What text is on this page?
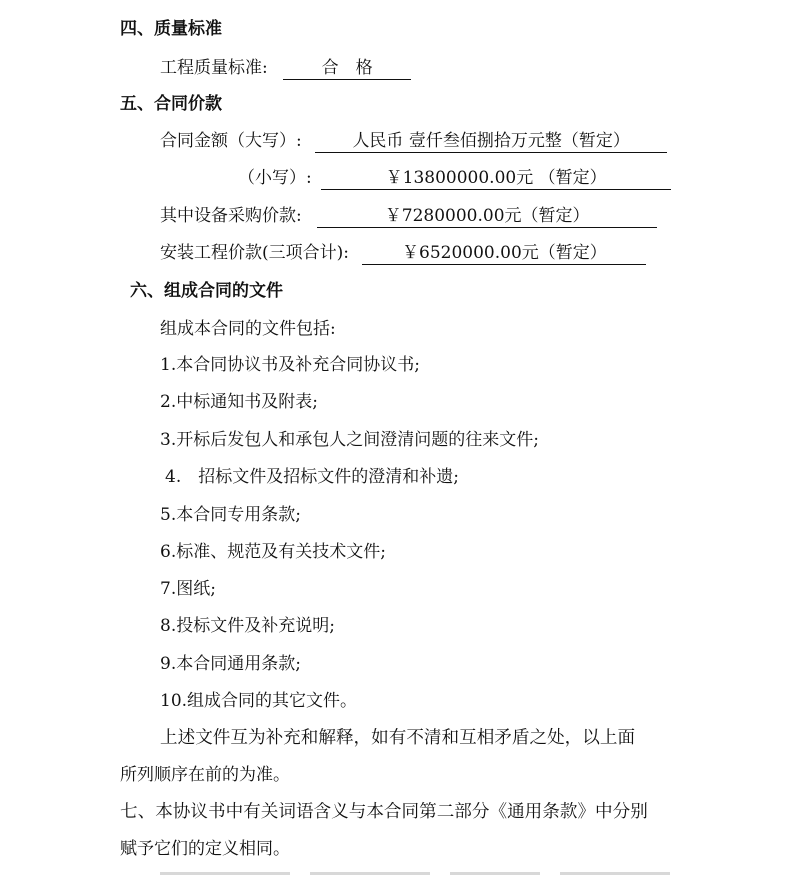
四、质量标准
工程质量标准:	合　格
五、合同价款
合同金额（大写）:	人民币 壹仟叁佰捌拾万元整（暂定）
（小写）:	￥13800000.00元 （暂定）
其中设备采购价款:	￥7280000.00元（暂定）
安装工程价款(三项合计):	￥6520000.00元（暂定）
六、组成合同的文件
组成本合同的文件包括:
1.本合同协议书及补充合同协议书;
2.中标通知书及附表;
3.开标后发包人和承包人之间澄清问题的往来文件;
4.　招标文件及招标文件的澄清和补遗;
5.本合同专用条款;
6.标准、规范及有关技术文件;
7.图纸;
8.投标文件及补充说明;
9.本合同通用条款;
10.组成合同的其它文件。
上述文件互为补充和解释，如有不清和互相矛盾之处，以上面
所列顺序在前的为准。
七、本协议书中有关词语含义与本合同第二部分《通用条款》中分别
赋予它们的定义相同。
